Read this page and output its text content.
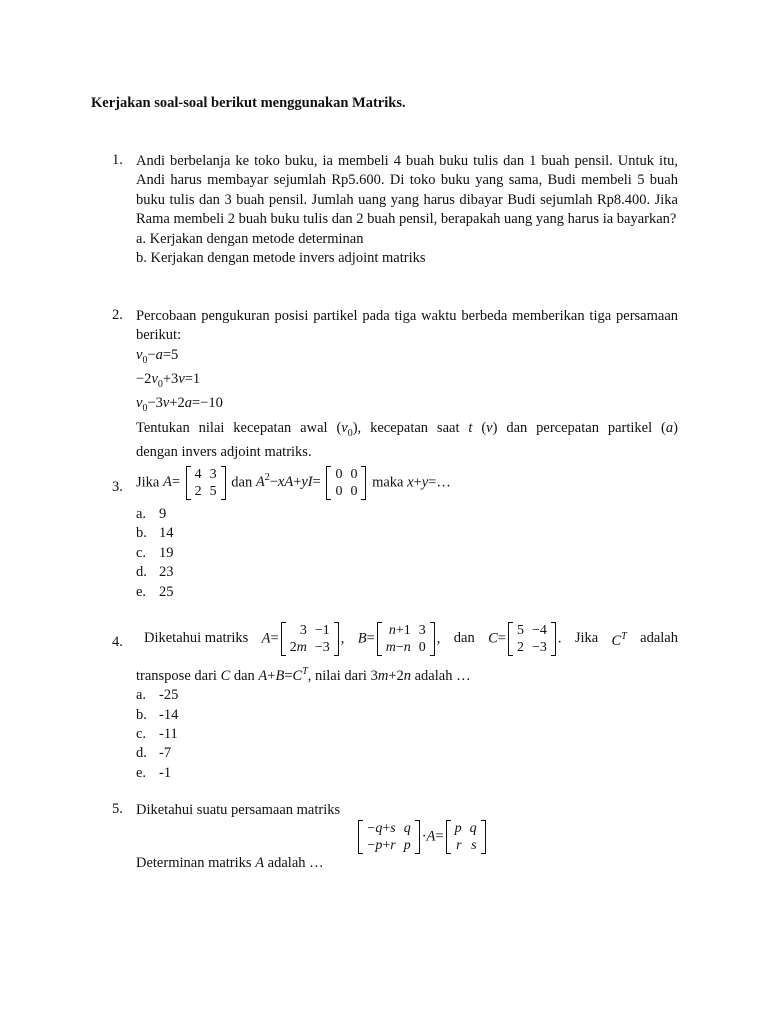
Kerjakan soal-soal berikut menggunakan Matriks.
1. Andi berbelanja ke toko buku, ia membeli 4 buah buku tulis dan 1 buah pensil. Untuk itu, Andi harus membayar sejumlah Rp5.600. Di toko buku yang sama, Budi membeli 5 buah buku tulis dan 3 buah pensil. Jumlah uang yang harus dibayar Budi sejumlah Rp8.400. Jika Rama membeli 2 buah buku tulis dan 2 buah pensil, berapakah uang yang harus ia bayarkan?
a. Kerjakan dengan metode determinan
b. Kerjakan dengan metode invers adjoint matriks
2. Percobaan pengukuran posisi partikel pada tiga waktu berbeda memberikan tiga persamaan berikut:
$v_0-a=5$
$-2v_0+3v=1$
$v_0-3v+2a=-10$
Tentukan nilai kecepatan awal $(v_0)$, kecepatan saat t (v) dan percepatan partikel (a)
dengan invers adjoint matriks.
3. Jika A = 4	3
2	5
dan $A^2-xA+yI= 0$	0
0	0
maka x+y=…
a. 9
b. 14
c. 19
d. 23
e. 25
4. Diketahui matriks A= 3	−1
2m	−3
, B= n+1	3
m−n	0
, dan C= 5	−4
2	−3
. Jika $C^T$ adalah
transpose dari C dan $A+B=C^T$, nilai dari 3m+2n adalah …
a. -25
b. -14
c. -11
d. -7
e. -1
5. Diketahui suatu persamaan matriks
−q+s	q
−p+r	p
·A= p	q
r	s
Determinan matriks A adalah …
